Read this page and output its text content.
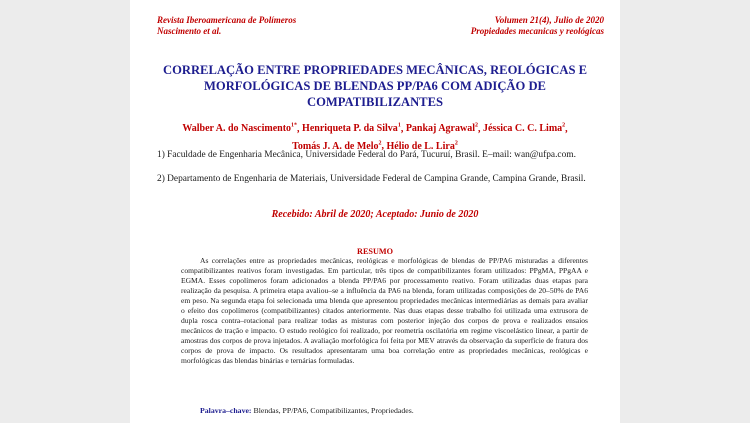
Revista Iberoamericana de Polímeros
Nascimento et al.
Volumen 21(4), Julio de 2020
Propiedades mecanicas y reológicas
CORRELAÇÃO ENTRE PROPRIEDADES MECÂNICAS, REOLÓGICAS E MORFOLÓGICAS DE BLENDAS PP/PA6 COM ADIÇÃO DE COMPATIBILIZANTES
Walber A. do Nascimento$^{1*}$, Henriqueta P. da Silva$^1$, Pankaj Agrawal$^2$, Jéssica C. C. Lima$^2$,
Tomás J. A. de Melo$^2$, Hélio de L. Lira$^2$
1) Faculdade de Engenharia Mecânica, Universidade Federal do Pará, Tucuruí, Brasil. E–mail: wan@ufpa.com.
2) Departamento de Engenharia de Materiais, Universidade Federal de Campina Grande, Campina Grande, Brasil.
Recebido: Abril de 2020; Aceptado: Junio de 2020
RESUMO
As correlações entre as propriedades mecânicas, reológicas e morfológicas de blendas de PP/PA6 misturadas a diferentes compatibilizantes reativos foram investigadas. Em particular, três tipos de compatibilizantes foram utilizados: PPgMA, PPgAA e EGMA. Esses copolímeros foram adicionados a blenda PP/PA6 por processamento reativo. Foram utilizadas duas etapas para realização da pesquisa. A primeira etapa avaliou–se a influência da PA6 na blenda, foram utilizadas composições de 20–50% de PA6 em peso. Na segunda etapa foi selecionada uma blenda que apresentou propriedades mecânicas intermediárias as demais para avaliar o efeito dos copolímeros (compatibilizantes) citados anteriormente. Nas duas etapas desse trabalho foi utilizada uma extrusora de dupla rosca contra–rotacional para realizar todas as misturas com posterior injeção dos corpos de prova e realizados ensaios mecânicos de tração e impacto. O estudo reológico foi realizado, por reometria oscilatória em regime viscoelástico linear, a partir de amostras dos corpos de prova injetados. A avaliação morfológica foi feita por MEV através da observação da superfície de fratura dos corpos de prova de impacto. Os resultados apresentaram uma boa correlação entre as propriedades mecânicas, reológicas e morfológicas das blendas binárias e ternárias formuladas.
Palavra–chave: Blendas, PP/PA6, Compatibilizantes, Propriedades.
